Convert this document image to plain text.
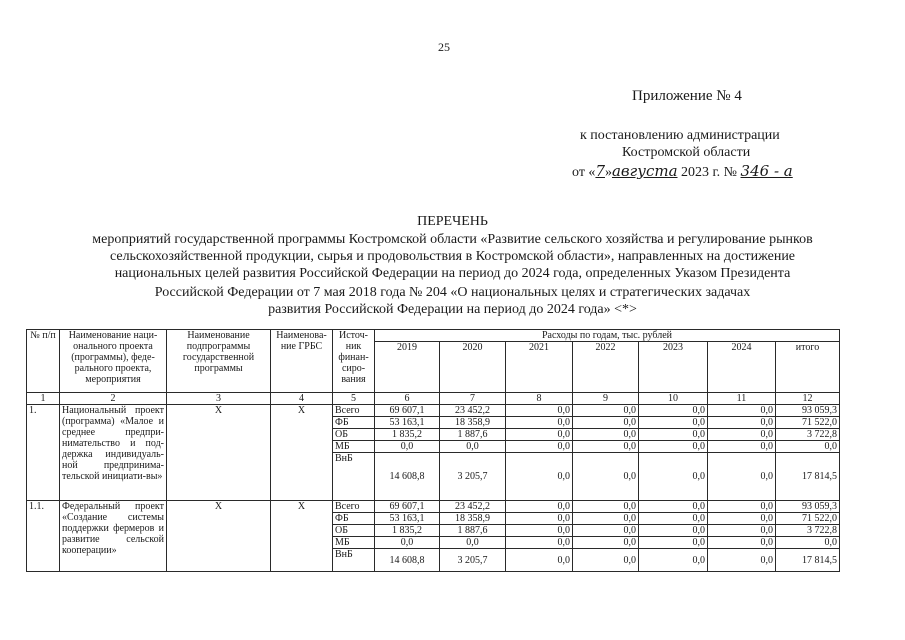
25
Приложение № 4
к постановлению администрации
Костромской области
от «7»августа 2023 г. № 346 - а
ПЕРЕЧЕНЬ
мероприятий государственной программы Костромской области «Развитие сельского хозяйства и регулирование рынков
сельскохозяйственной продукции, сырья и продовольствия в Костромской области», направленных на достижение
национальных целей развития Российской Федерации на период до 2024 года, определенных Указом Президента
Российской Федерации от 7 мая 2018 года № 204 «О национальных целях и стратегических задачах
развития Российской Федерации на период до 2024 года» <*>
№ п/п	Наименование наци-онального проекта (программы), феде-рального проекта, мероприятия	Наименование подпрограммы государственной программы	Наименова-ние ГРБС	Источ-ник финан-сиро-вания	Расходы по годам, тыс. рублей						
					2019	2020	2021	2022	2023	2024	итого
1	2	3	4	5	6	7	8	9	10	11	12
1.	Национальный проект (программа) «Малое и среднее предпри-нимательство и под-держка индивидуаль-ной предпринима-тельской инициати-вы»	Х	Х	Всего	69 607,1	23 452,2	0,0	0,0	0,0	0,0	93 059,3
				ФБ	53 163,1	18 358,9	0,0	0,0	0,0	0,0	71 522,0
				ОБ	1 835,2	1 887,6	0,0	0,0	0,0	0,0	3 722,8
				МБ	0,0	0,0	0,0	0,0	0,0	0,0	0,0
				ВнБ	14 608,8	3 205,7	0,0	0,0	0,0	0,0	17 814,5
1.1.	Федеральный проект «Создание системы поддержки фермеров и развитие сельской кооперации»	Х	Х	Всего	69 607,1	23 452,2	0,0	0,0	0,0	0,0	93 059,3
				ФБ	53 163,1	18 358,9	0,0	0,0	0,0	0,0	71 522,0
				ОБ	1 835,2	1 887,6	0,0	0,0	0,0	0,0	3 722,8
				МБ	0,0	0,0	0,0	0,0	0,0	0,0	0,0
				ВнБ	14 608,8	3 205,7	0,0	0,0	0,0	0,0	17 814,5
